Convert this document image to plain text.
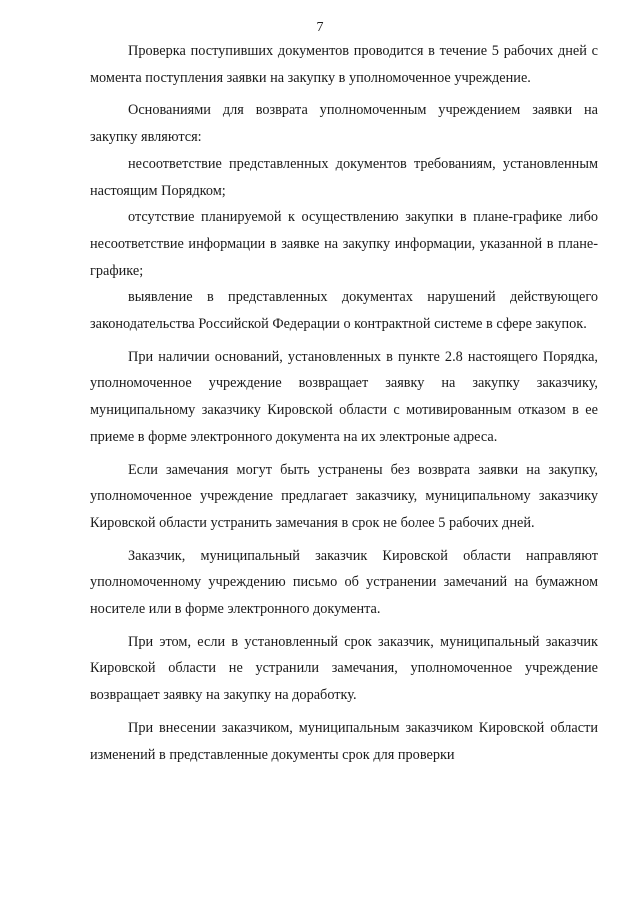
7

Проверка поступивших документов проводится в течение 5 рабочих дней с момента поступления заявки на закупку в уполномоченное учреждение.

Основаниями для возврата уполномоченным учреждением заявки на закупку являются:

несоответствие представленных документов требованиям, установленным настоящим Порядком;

отсутствие планируемой к осуществлению закупки в плане-графике либо несоответствие информации в заявке на закупку информации, указанной в плане-графике;

выявление в представленных документах нарушений действующего законодательства Российской Федерации о контрактной системе в сфере закупок.

При наличии оснований, установленных в пункте 2.8 настоящего Порядка, уполномоченное учреждение возвращает заявку на закупку заказчику, муниципальному заказчику Кировской области с мотивированным отказом в ее приеме в форме электронного документа на их электроные адреса.

Если замечания могут быть устранены без возврата заявки на закупку, уполномоченное учреждение предлагает заказчику, муниципальному заказчику Кировской области устранить замечания в срок не более 5 рабочих дней.

Заказчик, муниципальный заказчик Кировской области направляют уполномоченному учреждению письмо об устранении замечаний на бумажном носителе или в форме электронного документа.

При этом, если в установленный срок заказчик, муниципальный заказчик Кировской области не устранили замечания, уполномоченное учреждение возвращает заявку на закупку на доработку.

При внесении заказчиком, муниципальным заказчиком Кировской области изменений в представленные документы срок для проверки
